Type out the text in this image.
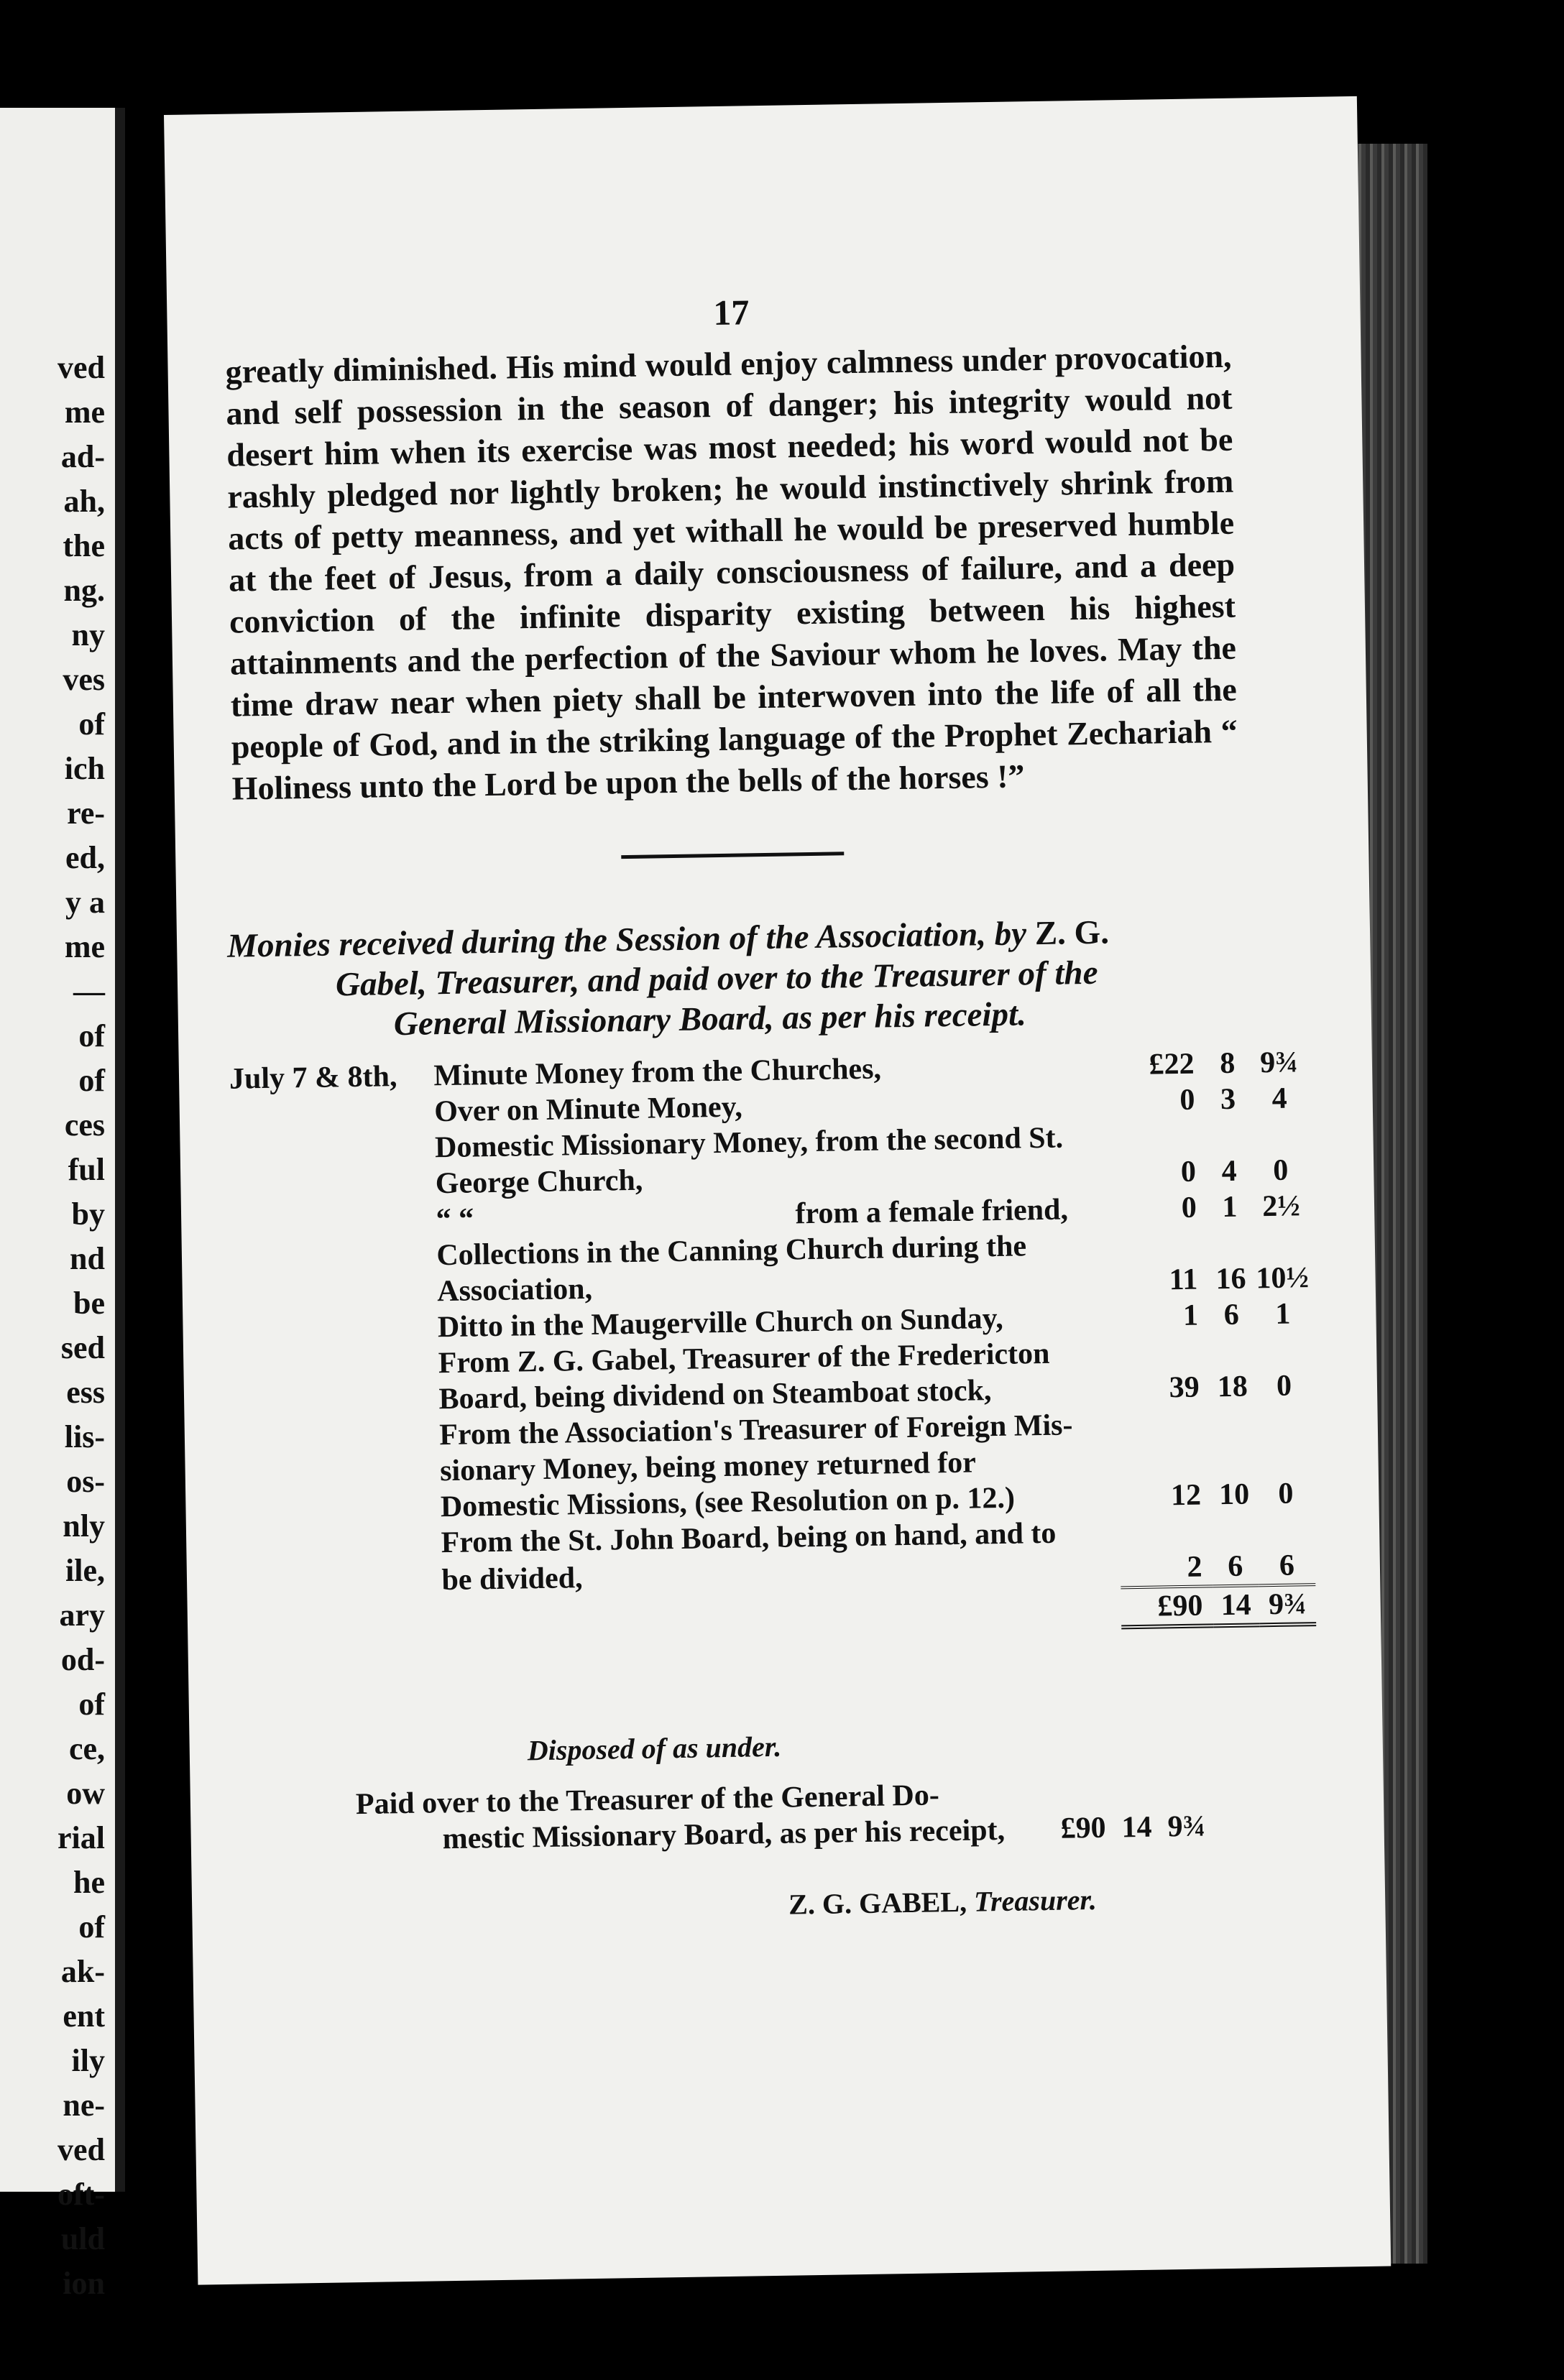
ved
me
ad-
ah,
the
ng.
ny
ves
of
ich
re-
ed,
y a
me
—
of
of
ces
ful
by
nd
be
sed
ess
lis-
os-
nly
ile,
ary
od-
of
ce,
ow
rial
he
of
ak-
ent
ily
ne-
ved
oft-
uld
ion
17
greatly diminished. His mind would enjoy calmness under provocation, and self possession in the season of danger; his integrity would not desert him when its exercise was most needed; his word would not be rashly pledged nor lightly broken; he would instinctively shrink from acts of petty meanness, and yet withall he would be preserved humble at the feet of Jesus, from a daily consciousness of failure, and a deep conviction of the infinite disparity existing between his highest attainments and the perfection of the Saviour whom he loves. May the time draw near when piety shall be interwoven into the life of all the people of God, and in the striking language of the Prophet Zechariah “ Holiness unto the Lord be upon the bells of the horses !”
Monies received during the Session of the Association, by Z. G.
Gabel, Treasurer, and paid over to the Treasurer of the
General Missionary Board, as per his receipt.
July 7 & 8th,	Minute Money from the Churches,	£22	8	9¾
	Over on Minute Money,	0	3	4
	Domestic Missionary Money, from the second St.			
	George Church,	0	4	0
	“ “ from a female friend,	0	1	2½
	Collections in the Canning Church during the			
	Association,	11	16	10½
	Ditto in the Maugerville Church on Sunday,	1	6	1
	From Z. G. Gabel, Treasurer of the Fredericton			
	Board, being dividend on Steamboat stock,	39	18	0
	From the Association's Treasurer of Foreign Mis-			
	sionary Money, being money returned for			
	Domestic Missions, (see Resolution on p. 12.)	12	10	0
	From the St. John Board, being on hand, and to			
	be divided,	2	6	6
		£90	14	9¾
Disposed of as under.
Paid over to the Treasurer of the General Do-
mestic Missionary Board, as per his receipt,	£90 14 9¾
Z. G. GABEL, Treasurer.
